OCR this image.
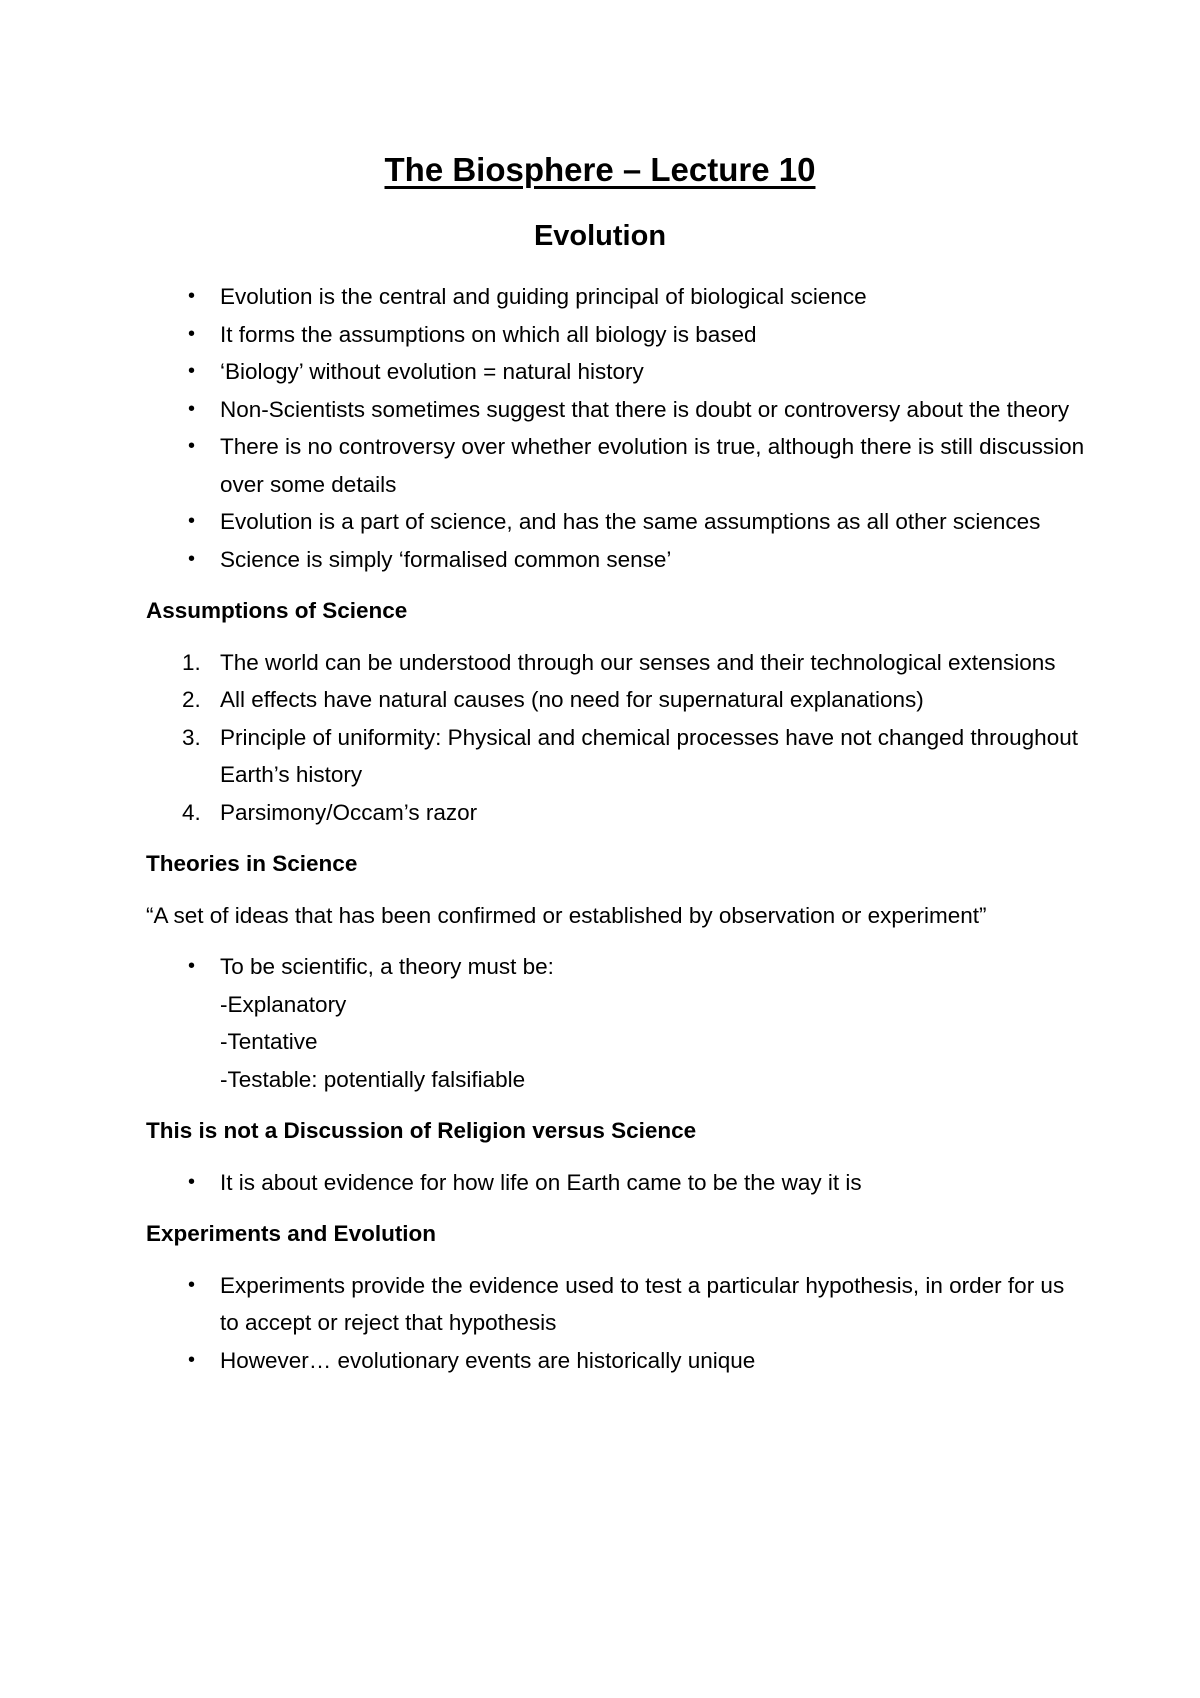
The Biosphere – Lecture 10
Evolution
• Evolution is the central and guiding principal of biological science
• It forms the assumptions on which all biology is based
• ‘Biology’ without evolution = natural history
• Non-Scientists sometimes suggest that there is doubt or controversy about the theory
• There is no controversy over whether evolution is true, although there is still discussion over some details
• Evolution is a part of science, and has the same assumptions as all other sciences
• Science is simply ‘formalised common sense’
Assumptions of Science
1. The world can be understood through our senses and their technological extensions
2. All effects have natural causes (no need for supernatural explanations)
3. Principle of uniformity: Physical and chemical processes have not changed throughout Earth’s history
4. Parsimony/Occam’s razor
Theories in Science
“A set of ideas that has been confirmed or established by observation or experiment”
• To be scientific, a theory must be:
-Explanatory
-Tentative
-Testable: potentially falsifiable
This is not a Discussion of Religion versus Science
• It is about evidence for how life on Earth came to be the way it is
Experiments and Evolution
• Experiments provide the evidence used to test a particular hypothesis, in order for us to accept or reject that hypothesis
• However… evolutionary events are historically unique
